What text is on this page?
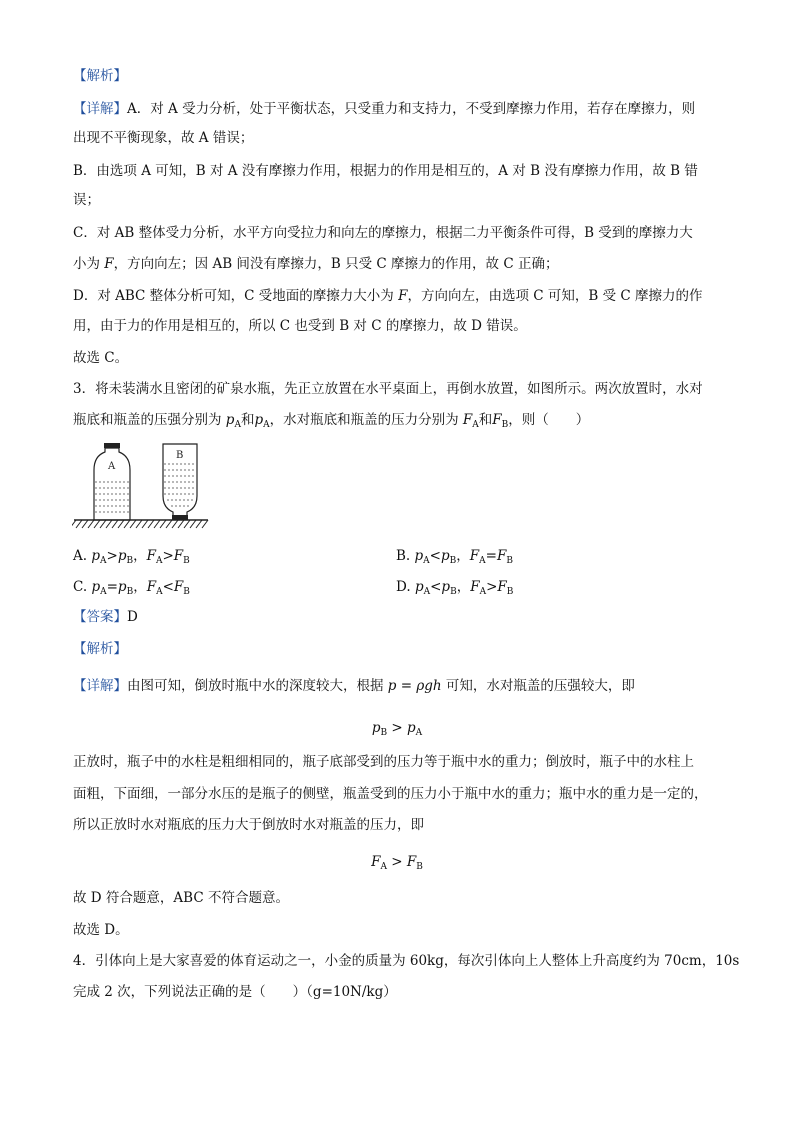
【解析】
【详解】A．对 A 受力分析，处于平衡状态，只受重力和支持力，不受到摩擦力作用，若存在摩擦力，则
出现不平衡现象，故 A 错误；
B．由选项 A 可知，B 对 A 没有摩擦力作用，根据力的作用是相互的，A 对 B 没有摩擦力作用，故 B 错
误；
C．对 AB 整体受力分析，水平方向受拉力和向左的摩擦力，根据二力平衡条件可得，B 受到的摩擦力大
小为 F，方向向左；因 AB 间没有摩擦力，B 只受 C 摩擦力的作用，故 C 正确；
D．对 ABC 整体分析可知，C 受地面的摩擦力大小为 F，方向向左，由选项 C 可知，B 受 C 摩擦力的作
用，由于力的作用是相互的，所以 C 也受到 B 对 C 的摩擦力，故 D 错误。
故选 C。
3．将未装满水且密闭的矿泉水瓶，先正立放置在水平桌面上，再倒水放置，如图所示。两次放置时，水对
瓶底和瓶盖的压强分别为 $p_A$和$p_A$，水对瓶底和瓶盖的压力分别为 $F_A$和$F_B$，则（　　）
A
B
A. $p_A>p_B$，$F_A>F_B$	B. $p_A<p_B$，$F_A=F_B$
C. $p_A=p_B$，$F_A<F_B$	D. $p_A<p_B$，$F_A>F_B$
【答案】D
【解析】
【详解】由图可知，倒放时瓶中水的深度较大，根据 p = ρgh 可知，水对瓶盖的压强较大，即
$p_B > p_A$
正放时，瓶子中的水柱是粗细相同的，瓶子底部受到的压力等于瓶中水的重力；倒放时，瓶子中的水柱上
面粗，下面细，一部分水压的是瓶子的侧壁，瓶盖受到的压力小于瓶中水的重力；瓶中水的重力是一定的，
所以正放时水对瓶底的压力大于倒放时水对瓶盖的压力，即
$F_A > F_B$
故 D 符合题意，ABC 不符合题意。
故选 D。
4．引体向上是大家喜爱的体育运动之一，小金的质量为 60kg，每次引体向上人整体上升高度约为 70cm，10s
完成 2 次，下列说法正确的是（　　）（g=10N/kg）
